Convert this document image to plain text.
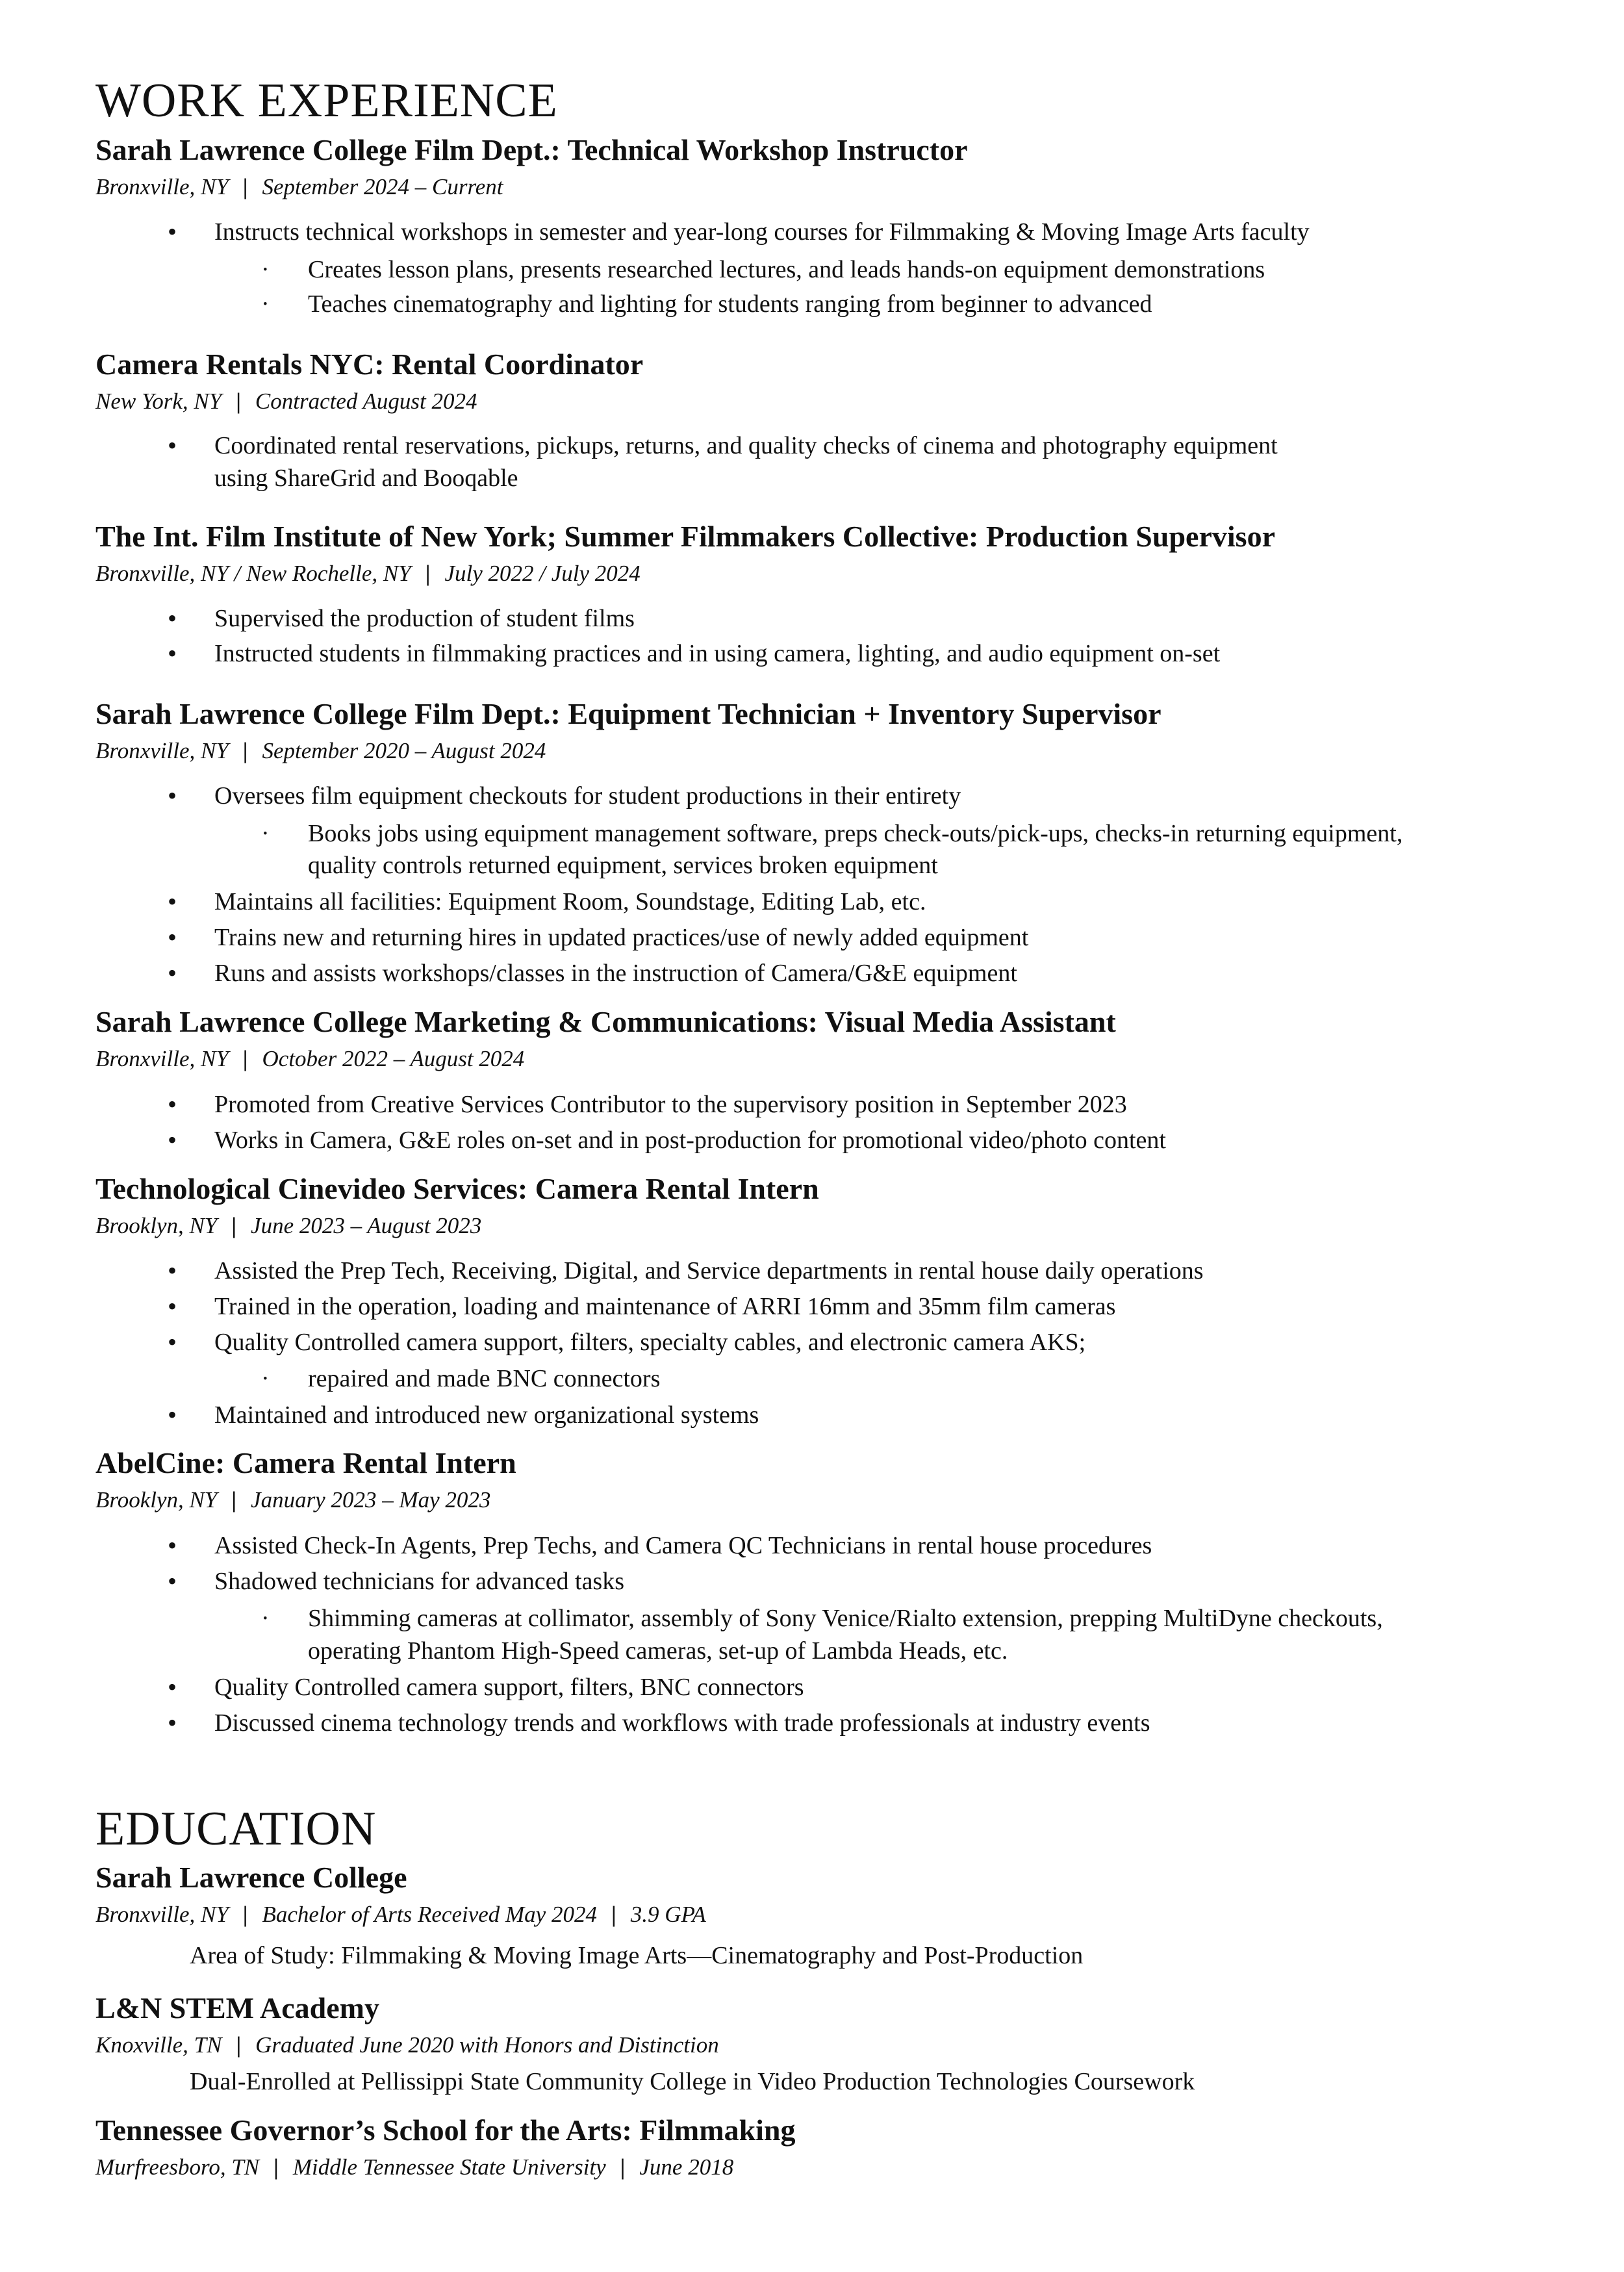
WORK EXPERIENCE
Sarah Lawrence College Film Dept.: Technical Workshop Instructor
Bronxville, NY | September 2024 – Current
• Instructs technical workshops in semester and year-long courses for Filmmaking & Moving Image Arts faculty
· Creates lesson plans, presents researched lectures, and leads hands-on equipment demonstrations
· Teaches cinematography and lighting for students ranging from beginner to advanced
Camera Rentals NYC: Rental Coordinator
New York, NY | Contracted August 2024
• Coordinated rental reservations, pickups, returns, and quality checks of cinema and photography equipment
using ShareGrid and Booqable
The Int. Film Institute of New York; Summer Filmmakers Collective: Production Supervisor
Bronxville, NY / New Rochelle, NY | July 2022 / July 2024
• Supervised the production of student films
• Instructed students in filmmaking practices and in using camera, lighting, and audio equipment on-set
Sarah Lawrence College Film Dept.: Equipment Technician + Inventory Supervisor
Bronxville, NY | September 2020 – August 2024
• Oversees film equipment checkouts for student productions in their entirety
· Books jobs using equipment management software, preps check-outs/pick-ups, checks-in returning equipment,
quality controls returned equipment, services broken equipment
• Maintains all facilities: Equipment Room, Soundstage, Editing Lab, etc.
• Trains new and returning hires in updated practices/use of newly added equipment
• Runs and assists workshops/classes in the instruction of Camera/G&E equipment
Sarah Lawrence College Marketing & Communications: Visual Media Assistant
Bronxville, NY | October 2022 – August 2024
• Promoted from Creative Services Contributor to the supervisory position in September 2023
• Works in Camera, G&E roles on-set and in post-production for promotional video/photo content
Technological Cinevideo Services: Camera Rental Intern
Brooklyn, NY | June 2023 – August 2023
• Assisted the Prep Tech, Receiving, Digital, and Service departments in rental house daily operations
• Trained in the operation, loading and maintenance of ARRI 16mm and 35mm film cameras
• Quality Controlled camera support, filters, specialty cables, and electronic camera AKS;
· repaired and made BNC connectors
• Maintained and introduced new organizational systems
AbelCine: Camera Rental Intern
Brooklyn, NY | January 2023 – May 2023
• Assisted Check-In Agents, Prep Techs, and Camera QC Technicians in rental house procedures
• Shadowed technicians for advanced tasks
· Shimming cameras at collimator, assembly of Sony Venice/Rialto extension, prepping MultiDyne checkouts,
operating Phantom High-Speed cameras, set-up of Lambda Heads, etc.
• Quality Controlled camera support, filters, BNC connectors
• Discussed cinema technology trends and workflows with trade professionals at industry events
EDUCATION
Sarah Lawrence College
Bronxville, NY | Bachelor of Arts Received May 2024 | 3.9 GPA
Area of Study: Filmmaking & Moving Image Arts—Cinematography and Post-Production
L&N STEM Academy
Knoxville, TN | Graduated June 2020 with Honors and Distinction
Dual-Enrolled at Pellissippi State Community College in Video Production Technologies Coursework
Tennessee Governor’s School for the Arts: Filmmaking
Murfreesboro, TN | Middle Tennessee State University | June 2018
